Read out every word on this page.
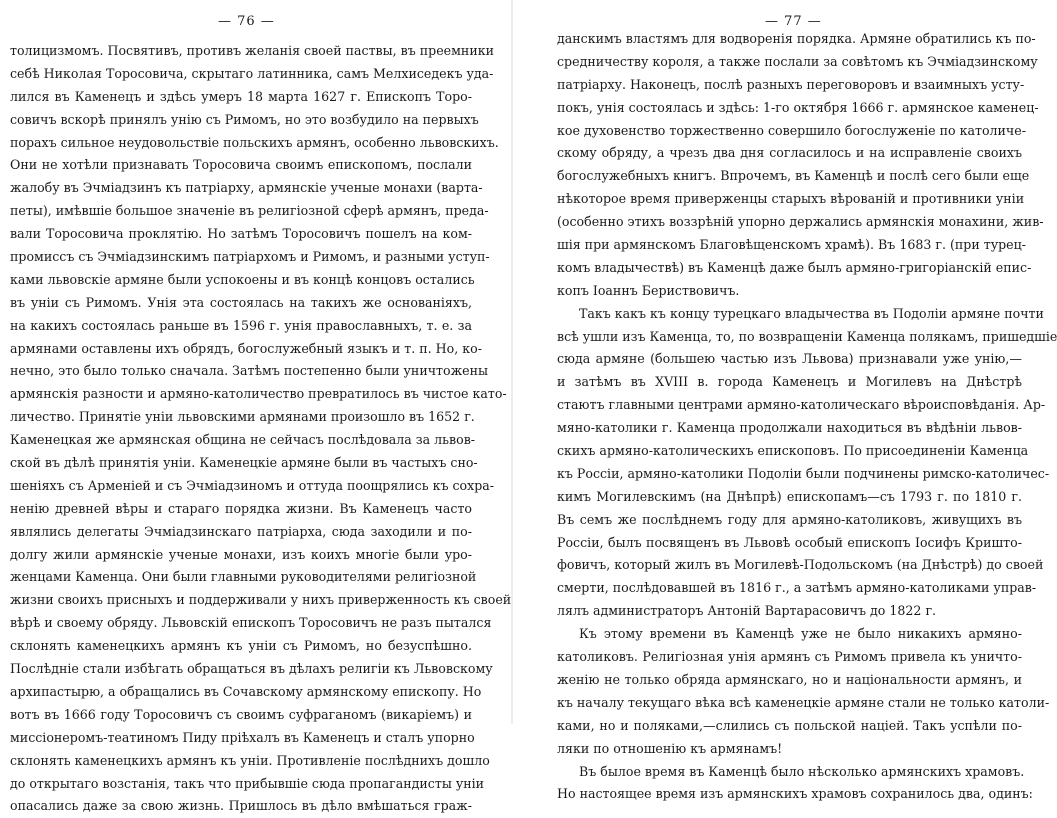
— 76 —
толицизмомъ. Посвятивъ, противъ желанія своей паствы, въ преемники
себѣ Николая Торосовича, скрытаго латинника, самъ Мелхиседекъ уда-
лился въ Каменецъ и здѣсь умеръ 18 марта 1627 г. Епископъ Торо-
совичъ вскорѣ принялъ унію съ Римомъ, но это возбудило на первыхъ
порахъ сильное неудовольствіе польскихъ армянъ, особенно львовскихъ.
Они не хотѣли признавать Торосовича своимъ епископомъ, послали
жалобу въ Эчміадзинъ къ патріарху, армянскіе ученые монахи (варта-
петы), имѣвшіе большое значеніе въ религіозной сферѣ армянъ, преда-
вали Торосовича проклятію. Но затѣмъ Торосовичъ пошелъ на ком-
промиссъ съ Эчміадзинскимъ патріархомъ и Римомъ, и разными уступ-
ками львовскіе армяне были успокоены и въ концѣ концовъ остались
въ уніи съ Римомъ. Унія эта состоялась на такихъ же основаніяхъ,
на какихъ состоялась раньше въ 1596 г. унія православныхъ, т. е. за
армянами оставлены ихъ обрядъ, богослужебный языкъ и т. п. Но, ко-
нечно, это было только сначала. Затѣмъ постепенно были уничтожены
армянскія разности и армяно-католичество превратилось въ чистое като-
личество. Принятіе уніи львовскими армянами произошло въ 1652 г.
Каменецкая же армянская община не сейчасъ послѣдовала за львов-
ской въ дѣлѣ принятія уніи. Каменецкіе армяне были въ частыхъ сно-
шеніяхъ съ Арменіей и съ Эчміадзиномъ и оттуда поощрялись къ сохра-
ненію древней вѣры и стараго порядка жизни. Въ Каменецъ часто
являлись делегаты Эчміадзинскаго патріарха, сюда заходили и по-
долгу жили армянскіе ученые монахи, изъ коихъ многіе были уро-
женцами Каменца. Они были главными руководителями религіозной
жизни своихъ присныхъ и поддерживали у нихъ приверженность къ своей
вѣрѣ и своему обряду. Львовскій епископъ Торосовичъ не разъ пытался
склонять каменецкихъ армянъ къ уніи съ Римомъ, но безуспѣшно.
Послѣдніе стали избѣгать обращаться въ дѣлахъ религіи къ Львовскому
архипастырю, а обращались въ Сочавскому армянскому епископу. Но
вотъ въ 1666 году Торосовичъ съ своимъ суфраганомъ (викаріемъ) и
миссіонеромъ-театиномъ Пиду пріѣхалъ въ Каменецъ и сталъ упорно
склонять каменецкихъ армянъ къ уніи. Противленіе послѣднихъ дошло
до открытаго возстанія, такъ что прибывшіе сюда пропагандисты уніи
опасались даже за свою жизнь. Пришлось въ дѣло вмѣшаться граж-
— 77 —
данскимъ властямъ для водворенія порядка. Армяне обратились къ по-
средничеству короля, а также послали за совѣтомъ къ Эчміадзинскому
патріарху. Наконецъ, послѣ разныхъ переговоровъ и взаимныхъ усту-
покъ, унія состоялась и здѣсь: 1-го октября 1666 г. армянское каменец-
кое духовенство торжественно совершило богослуженіе по католиче-
скому обряду, а чрезъ два дня согласилось и на исправленіе своихъ
богослужебныхъ книгъ. Впрочемъ, въ Каменцѣ и послѣ сего были еще
нѣкоторое время приверженцы старыхъ вѣрованій и противники уніи
(особенно этихъ воззрѣній упорно держались армянскія монахини, жив-
шія при армянскомъ Благовѣщенскомъ храмѣ). Въ 1683 г. (при турец-
комъ владычествѣ) въ Каменцѣ даже былъ армяно-григоріанскій епис-
копъ Іоаннъ Бериствовичъ.
Такъ какъ къ концу турецкаго владычества въ Подоліи армяне почти
всѣ ушли изъ Каменца, то, по возвращеніи Каменца полякамъ, пришедшіе
сюда армяне (большею частью изъ Львова) признавали уже унію,—
и затѣмъ въ XVIII в. города Каменецъ и Могилевъ на Днѣстрѣ
стаютъ главными центрами армяно-католическаго вѣроисповѣданія. Ар-
мяно-католики г. Каменца продолжали находиться въ вѣдѣніи львов-
скихъ армяно-католическихъ епископовъ. По присоединеніи Каменца
къ Россіи, армяно-католики Подоліи были подчинены римско-католичес-
кимъ Могилевскимъ (на Днѣпрѣ) епископамъ—съ 1793 г. по 1810 г.
Въ семъ же послѣднемъ году для армяно-католиковъ, живущихъ въ
Россіи, былъ посвященъ въ Львовѣ особый епископъ Іосифъ Кришто-
фовичъ, который жилъ въ Могилевѣ-Подольскомъ (на Днѣстрѣ) до своей
смерти, послѣдовавшей въ 1816 г., а затѣмъ армяно-католиками управ-
лялъ администраторъ Антоній Вартарасовичъ до 1822 г.
Къ этому времени въ Каменцѣ уже не было никакихъ армяно-
католиковъ. Религіозная унія армянъ съ Римомъ привела къ уничто-
женію не только обряда армянскаго, но и національности армянъ, и
къ началу текущаго вѣка всѣ каменецкіе армяне стали не только католи-
ками, но и поляками,—слились съ польской націей. Такъ успѣли по-
ляки по отношенію къ армянамъ!
Въ былое время въ Каменцѣ было нѣсколько армянскихъ храмовъ.
Но настоящее время изъ армянскихъ храмовъ сохранилось два, одинъ:
